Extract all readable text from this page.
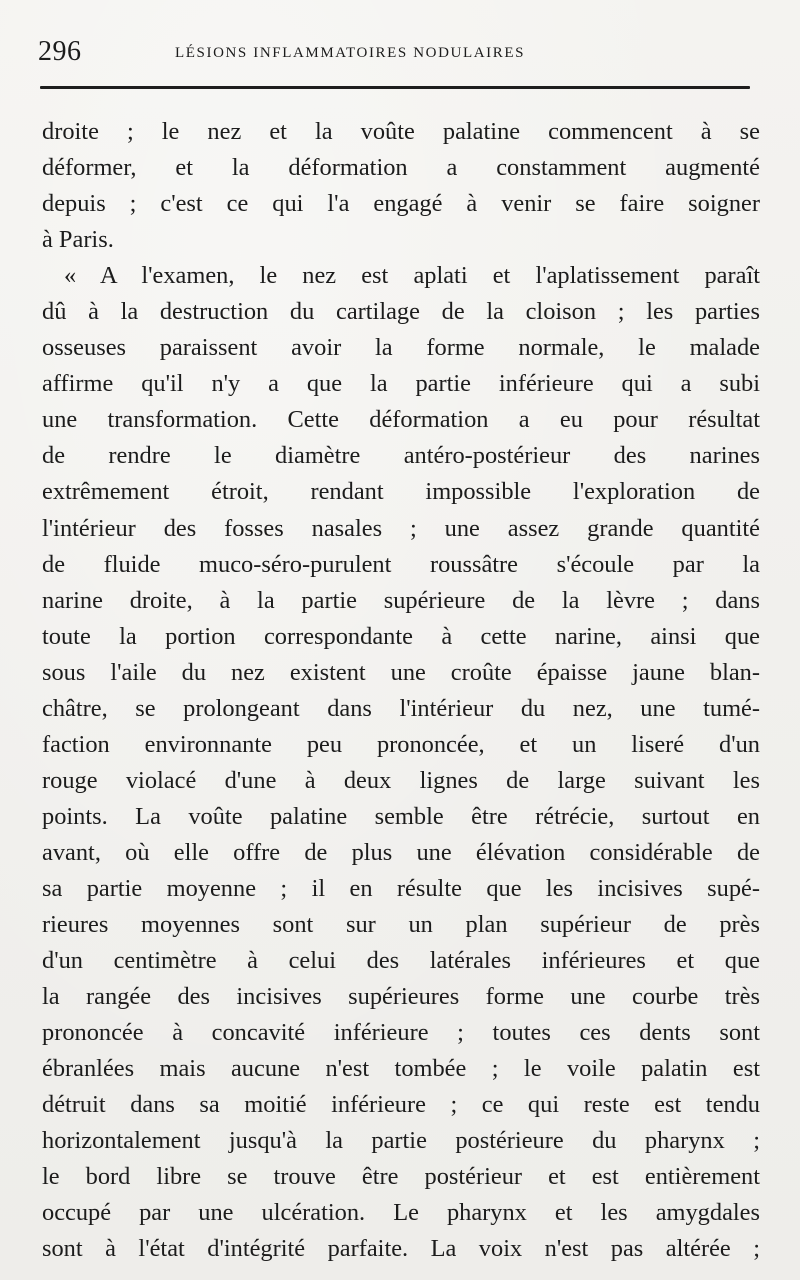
296	LÉSIONS INFLAMMATOIRES NODULAIRES
droite ; le nez et la voûte palatine commencent à se
déformer, et la déformation a constamment augmenté
depuis ; c'est ce qui l'a engagé à venir se faire soigner
à Paris.
« A l'examen, le nez est aplati et l'aplatissement paraît
dû à la destruction du cartilage de la cloison ; les parties
osseuses paraissent avoir la forme normale, le malade
affirme qu'il n'y a que la partie inférieure qui a subi
une transformation. Cette déformation a eu pour résultat
de rendre le diamètre antéro-postérieur des narines
extrêmement étroit, rendant impossible l'exploration de
l'intérieur des fosses nasales ; une assez grande quantité
de fluide muco-séro-purulent roussâtre s'écoule par la
narine droite, à la partie supérieure de la lèvre ; dans
toute la portion correspondante à cette narine, ainsi que
sous l'aile du nez existent une croûte épaisse jaune blan-
châtre, se prolongeant dans l'intérieur du nez, une tumé-
faction environnante peu prononcée, et un liseré d'un
rouge violacé d'une à deux lignes de large suivant les
points. La voûte palatine semble être rétrécie, surtout en
avant, où elle offre de plus une élévation considérable de
sa partie moyenne ; il en résulte que les incisives supé-
rieures moyennes sont sur un plan supérieur de près
d'un centimètre à celui des latérales inférieures et que
la rangée des incisives supérieures forme une courbe très
prononcée à concavité inférieure ; toutes ces dents sont
ébranlées mais aucune n'est tombée ; le voile palatin est
détruit dans sa moitié inférieure ; ce qui reste est tendu
horizontalement jusqu'à la partie postérieure du pharynx ;
le bord libre se trouve être postérieur et est entièrement
occupé par une ulcération. Le pharynx et les amygdales
sont à l'état d'intégrité parfaite. La voix n'est pas altérée ;
